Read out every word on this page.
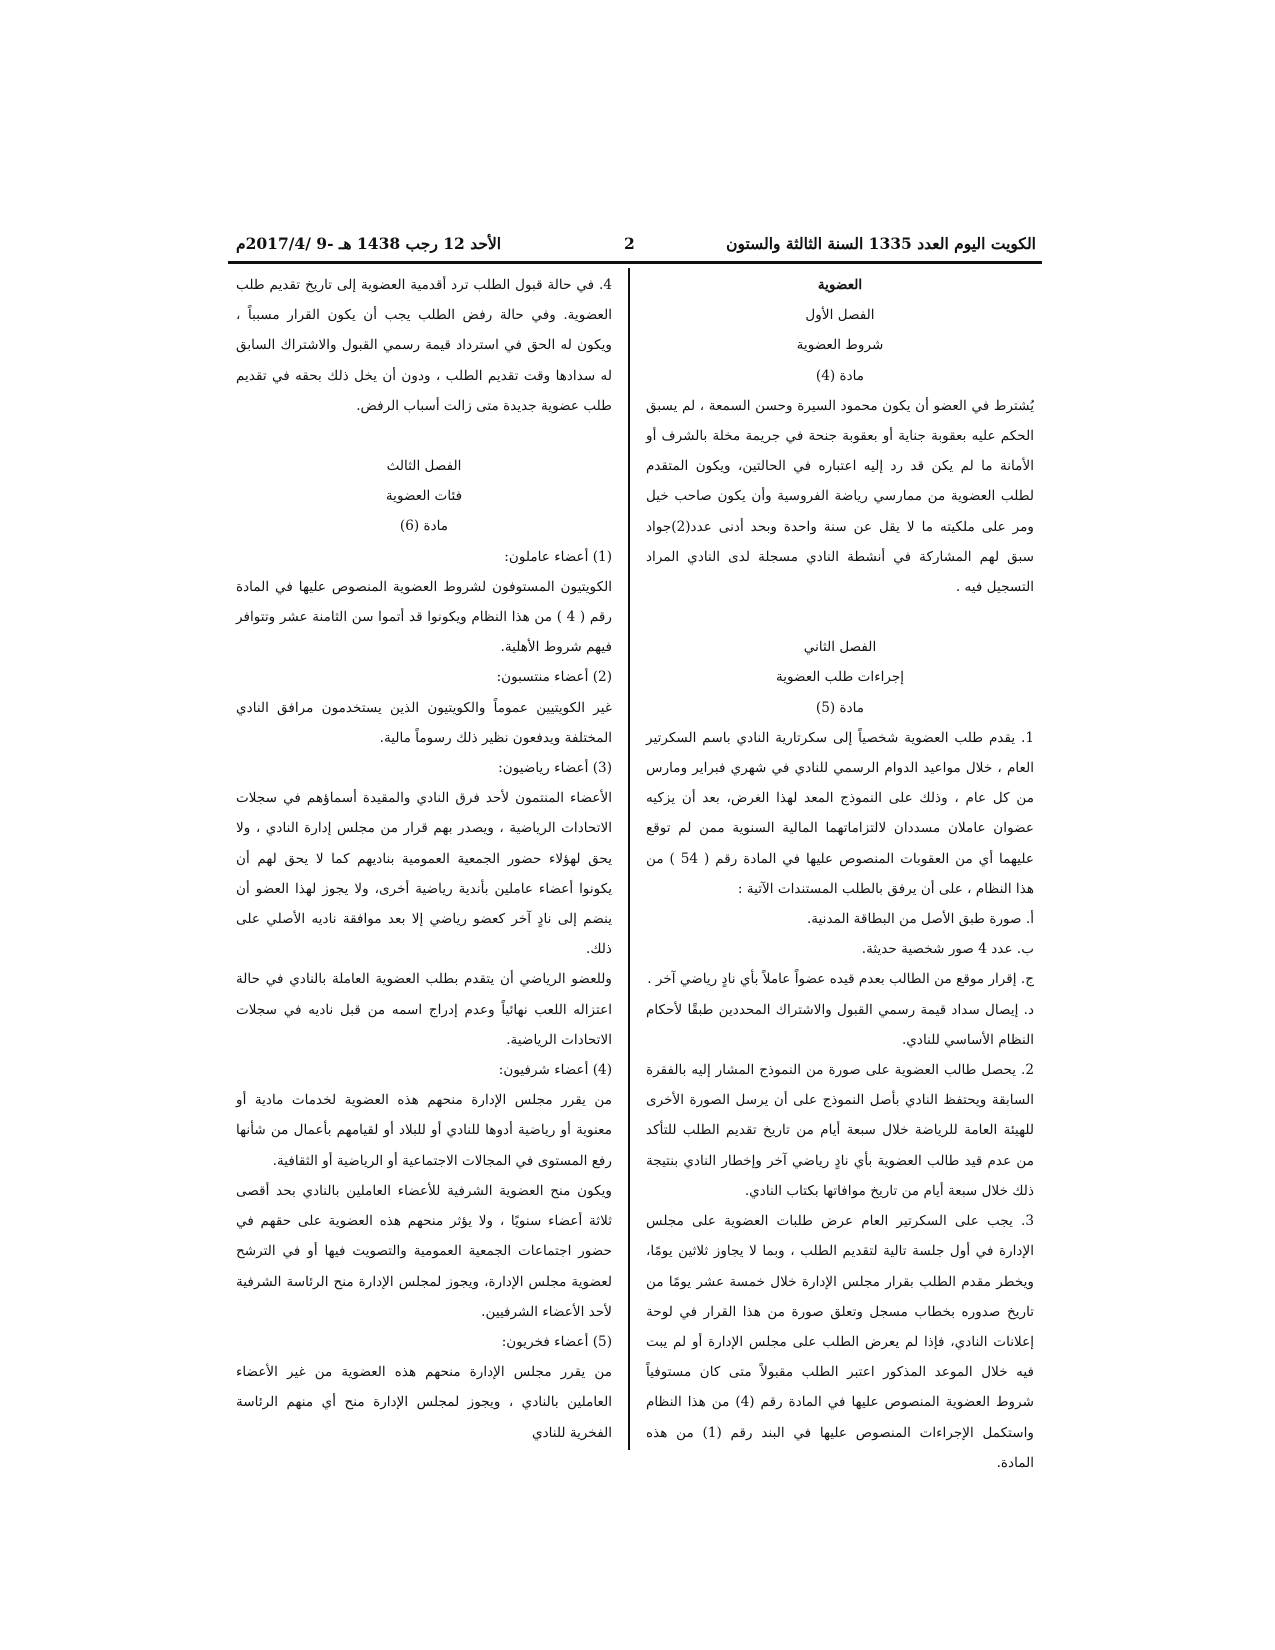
الأحد 12 رجب 1438 هـ -9 /2017/4م	2	الكويت اليوم العدد 1335 السنة الثالثة والستون

العضوية

الفصل الأول

شروط العضوية

مادة (4)

يُشترط في العضو أن يكون محمود السيرة وحسن السمعة ، لم يسبق الحكم عليه بعقوبة جناية أو بعقوبة جنحة في جريمة مخلة بالشرف أو الأمانة ما لم يكن قد رد إليه اعتباره في الحالتين، ويكون المتقدم لطلب العضوية من ممارسي رياضة الفروسية وأن يكون صاحب خيل ومر على ملكيته ما لا يقل عن سنة واحدة وبحد أدنى عدد(2)جواد سبق لهم المشاركة في أنشطة النادي مسجلة لدى النادي المراد التسجيل فيه .

الفصل الثاني

إجراءات طلب العضوية

مادة (5)

1. يقدم طلب العضوية شخصياً إلى سكرتارية النادي باسم السكرتير العام ، خلال مواعيد الدوام الرسمي للنادي في شهري فبراير ومارس من كل عام ، وذلك على النموذج المعد لهذا الغرض، بعد أن يزكيه عضوان عاملان مسددان لالتزاماتهما المالية السنوية ممن لم توقع عليهما أي من العقوبات المنصوص عليها في المادة رقم ( 54 ) من هذا النظام ، على أن يرفق بالطلب المستندات الآتية :

أ. صورة طبق الأصل من البطاقة المدنية.

ب. عدد 4 صور شخصية حديثة.

ج. إقرار موقع من الطالب بعدم قيده عضواً عاملاً بأي نادٍ رياضي آخر .

د. إيصال سداد قيمة رسمي القبول والاشتراك المحددين طبقًا لأحكام النظام الأساسي للنادي.

2. يحصل طالب العضوية على صورة من النموذج المشار إليه بالفقرة السابقة ويحتفظ النادي بأصل النموذج على أن يرسل الصورة الأخرى للهيئة العامة للرياضة خلال سبعة أيام من تاريخ تقديم الطلب للتأكد من عدم قيد طالب العضوية بأي نادٍ رياضي آخر وإخطار النادي بنتيجة ذلك خلال سبعة أيام من تاريخ موافاتها بكتاب النادي.

3. يجب على السكرتير العام عرض طلبات العضوية على مجلس الإدارة في أول جلسة تالية لتقديم الطلب ، وبما لا يجاوز ثلاثين يومًا، ويخطر مقدم الطلب بقرار مجلس الإدارة خلال خمسة عشر يومًا من تاريخ صدوره بخطاب مسجل وتعلق صورة من هذا القرار في لوحة إعلانات النادي، فإذا لم يعرض الطلب على مجلس الإدارة أو لم يبت فيه خلال الموعد المذكور اعتبر الطلب مقبولاً متى كان مستوفياً شروط العضوية المنصوص عليها في المادة رقم (4) من هذا النظام واستكمل الإجراءات المنصوص عليها في البند رقم (1) من هذه المادة.

4. في حالة قبول الطلب ترد أقدمية العضوية إلى تاريخ تقديم طلب العضوية. وفي حالة رفض الطلب يجب أن يكون القرار مسبباً ، ويكون له الحق في استرداد قيمة رسمي القبول والاشتراك السابق له سدادها وقت تقديم الطلب ، ودون أن يخل ذلك بحقه في تقديم طلب عضوية جديدة متى زالت أسباب الرفض.

الفصل الثالث

فئات العضوية

مادة (6)

(1) أعضاء عاملون:

الكويتيون المستوفون لشروط العضوية المنصوص عليها في المادة رقم ( 4 ) من هذا النظام ويكونوا قد أتموا سن الثامنة عشر وتتوافر فيهم شروط الأهلية.

(2) أعضاء منتسبون:

غير الكويتيين عموماً والكويتيون الذين يستخدمون مرافق النادي المختلفة ويدفعون نظير ذلك رسوماً مالية.

(3) أعضاء رياضيون:

الأعضاء المنتمون لأحد فرق النادي والمقيدة أسماؤهم في سجلات الاتحادات الرياضية ، ويصدر بهم قرار من مجلس إدارة النادي ، ولا يحق لهؤلاء حضور الجمعية العمومية بناديهم كما لا يحق لهم أن يكونوا أعضاء عاملين بأندية رياضية أخرى، ولا يجوز لهذا العضو أن ينضم إلى نادٍ آخر كعضو رياضي إلا بعد موافقة ناديه الأصلي على ذلك.

وللعضو الرياضي أن يتقدم بطلب العضوية العاملة بالنادي في حالة اعتزاله اللعب نهائياً وعدم إدراج اسمه من قبل ناديه في سجلات الاتحادات الرياضية.

(4) أعضاء شرفيون:

من يقرر مجلس الإدارة منحهم هذه العضوية لخدمات مادية أو معنوية أو رياضية أدوها للنادي أو للبلاد أو لقيامهم بأعمال من شأنها رفع المستوى في المجالات الاجتماعية أو الرياضية أو الثقافية.

ويكون منح العضوية الشرفية للأعضاء العاملين بالنادي بحد أقصى ثلاثة أعضاء سنويًا ، ولا يؤثر منحهم هذه العضوية على حقهم في حضور اجتماعات الجمعية العمومية والتصويت فيها أو في الترشح لعضوية مجلس الإدارة، ويجوز لمجلس الإدارة منح الرئاسة الشرفية لأحد الأعضاء الشرفيين.

(5) أعضاء فخريون:

من يقرر مجلس الإدارة منحهم هذه العضوية من غير الأعضاء العاملين بالنادي ، ويجوز لمجلس الإدارة منح أي منهم الرئاسة الفخرية للنادي
